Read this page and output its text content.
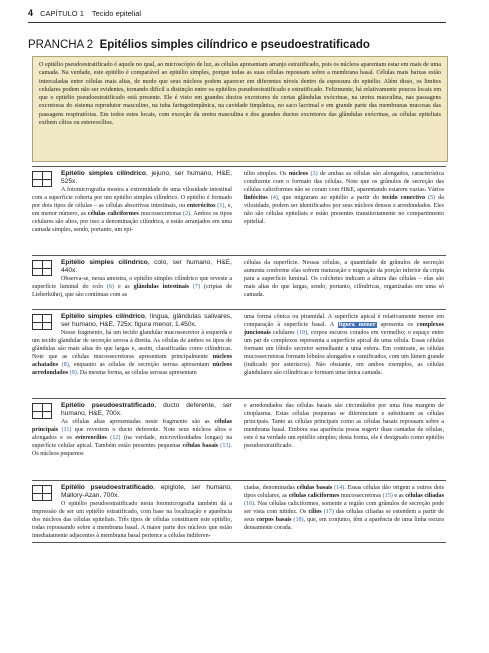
4 CAPÍTULO 1 Tecido epitelial
PRANCHA 2 Epitélios simples cilíndrico e pseudoestratificado

O epitélio pseudoestratificado é aquele no qual, ao microscópio de luz, as células apresentam arranjo estratificado, pois os núcleos aparentam estar em mais de uma camada. Na verdade, este epitélio é comparável ao epitélio simples, porque todas as suas células repousam sobre a membrana basal. Células mais baixas estão intercaladas entre células mais altas, de modo que seus núcleos podem aparecer em diferentes níveis dentro da espessura do epitélio. Além disso, os limites celulares podem não ser evidentes, tornando difícil a distinção entre os epitélios pseudoestratificado e estratificado. Felizmente, há relativamente poucos locais em que o epitélio pseudoestratificado está presente. Ele é visto em grandes ductos excretores de certas glândulas exócrinas, na uretra masculina, nas passagens excretoras do sistema reprodutor masculino, na tuba faringotimpânica, na cavidade timpânica, no saco lacrimal e em grande parte das membranas mucosas das passagens respiratórias. Em todos estes locais, com exceção da uretra masculina e dos grandes ductos excretores das glândulas exócrinas, as células epiteliais exibem cílios ou estereocílios.

Epitélio simples cilíndrico, jejuno, ser humano, H&E, 525x.

A fotomicrografia mostra a extremidade de uma vilosidade intestinal com a superfície coberta por um epitélio simples cilíndrico. O epitélio é formado por dois tipos de células – as células absortivas intestinais, ou enterócitos (1), e, em menor número, as células caliciformes mucossecretoras (2). Ambos os tipos celulares são altos, por isso a denominação cilíndrica, e estão arranjados em uma camada simples, sendo, portanto, um epi-

télio simples. Os núcleos (3) de ambas as células são alongados, característica condizente com o formato das células. Note que os grânulos de secreção das células caliciformes não se coram com H&E, aparentando estarem vazias. Vários linfócitos (4), que migraram ao epitélio a partir do tecido conectivo (5) da vilosidade, podem ser identificados por seus núcleos densos e arredondados. Eles não são células epiteliais e estão presentes transitoriamente no compartimento epitelial.

Epitélio simples cilíndrico, colo, ser humano, H&E, 440x.

Observa-se, nessa amostra, o epitélio simples cilíndrico que reveste a superfície luminal do colo (6) e as glândulas intestinais (7) (criptas de Lieberkühn), que são contínuas com as

células da superfície. Nessas células, a quantidade de grânulos de secreção aumenta conforme elas sofrem maturação e migração da porção inferior da cripta para a superfície luminal. Os colchetes indicam a altura das células – elas são mais altas do que largas, sendo, portanto, cilíndricas, organizadas em uma só camada.

Epitélio simples cilíndrico, língua, glândulas salivares, ser humano, H&E, 725x; figura menor, 1.450x.

Nesse fragmento, há um tecido glandular mucossecretor à esquerda e um tecido glandular de secreção serosa à direita. As células de ambos os tipos de glândulas são mais altas do que largas e, assim, classificadas como cilíndricas. Note que as células mucossecretoras apresentam principalmente núcleos achatados (8), enquanto as células de secreção serosa apresentam núcleos arredondados (9). Da mesma forma, as células serosas apresentam

uma forma cônica ou piramidal. A superfície apical é relativamente menor em comparação à superfície basal. A figura menor apresenta os complexos juncionais celulares (10), corpos escuros corados em vermelho; o espaço entre um par de complexos representa a superfície apical de uma célula. Essas células formam um lóbulo secretor semelhante a uma esfera. Em contraste, as células mucossecretoras formam lóbulos alongados e ramificados, com um lúmen grande (indicado por asteriscos). Não obstante, em ambos exemplos, as células glandulares são cilíndricas e formam uma única camada.

Epitélio pseudoestratificado, ducto deferente, ser humano, H&E, 700x.

As células altas apresentadas neste fragmento são as células principais (11) que revestem o ducto deferente. Note seus núcleos altos e alongados e os estereocílios (12) (na verdade, microvilosidades longas) na superfície celular apical. Também estão presentes pequenas células basais (13). Os núcleos pequenos

e arredondados das células basais são circundados por uma fina margem de citoplasma. Estas células pequenas se diferenciam e substituem as células principais. Tanto as células principais como as células basais repousam sobre a membrana basal. Embora sua aparência possa sugerir duas camadas de células, este é na verdade um epitélio simples; desta forma, ele é designado como epitélio pseudoestratificado.

Epitélio pseudoestratificado, epiglote, ser humano, Mallory-Azan, 700x.

O epitélio pseudoestratificado nesta fotomicrografia também dá a impressão de ser um epitélio estratificado, com base na localização e aparência dos núcleos das células epiteliais. Três tipos de células constituem este epitélio, todas repousando sobre a membrana basal. A maior parte dos núcleos que estão imediatamente adjacentes à membrana basal pertence a células indiferen-

ciadas, denominadas células basais (14). Essas células dão origem a outros dois tipos celulares, as células caliciformes mucossecretoras (15) e as células ciliadas (16). Nas células caliciformes, somente a região com grânulos de secreção pode ser vista com nitidez. Os cílios (17) das células ciliadas se estendem a partir de seus corpos basais (18), que, em conjunto, têm a aparência de uma linha escura densamente corada.
